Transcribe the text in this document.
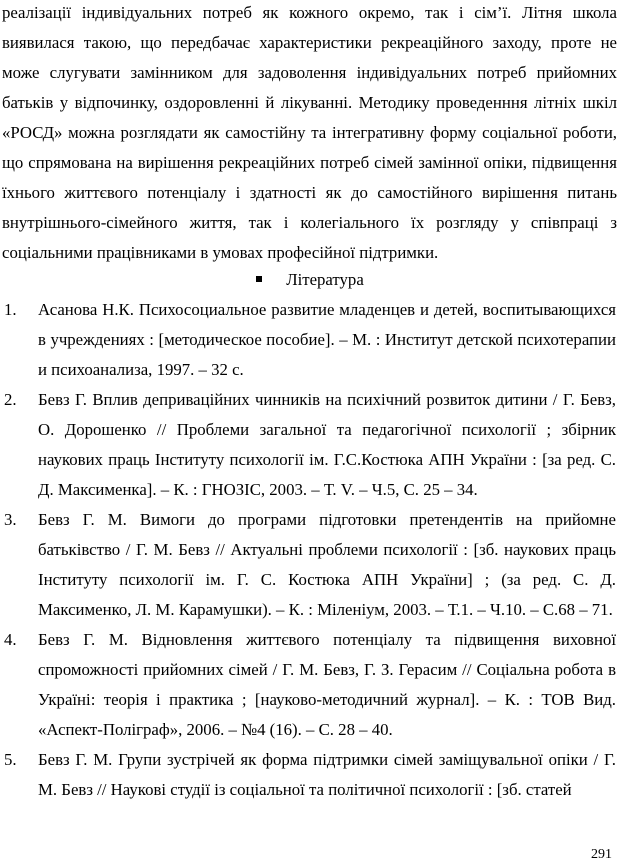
реалізації індивідуальних потреб як кожного окремо, так і сім’ї. Літня школа виявилася такою, що передбачає характеристики рекреаційного заходу, проте не може слугувати замінником для задоволення індивідуальних потреб прийомних батьків у відпочинку, оздоровленні й лікуванні. Методику проведенння літніх шкіл «РОСД» можна розглядати як самостійну та інтегративну форму соціальної роботи, що спрямована на вирішення рекреаційних потреб сімей замінної опіки, підвищення їхнього життєвого потенціалу і здатності як до самостійного вирішення питань внутрішнього-сімейного життя, так і колегіального їх розгляду у співпраці з соціальними працівниками в умовах професійної підтримки.

Література
1. Асанова Н.К. Психосоциальное развитие младенцев и детей, воспитывающихся в учреждениях : [методическое пособие]. – М. : Институт детской психотерапии и психоанализа, 1997. – 32 с.
2. Бевз Г. Вплив деприваційних чинників на психічний розвиток дитини / Г. Бевз, О. Дорошенко // Проблеми загальної та педагогічної психології ; збірник наукових праць Інституту психології ім. Г.С.Костюка АПН України : [за ред. С. Д. Максименка]. – К. : ГНОЗІС, 2003. – Т. V. – Ч.5, С. 25 – 34.
3. Бевз Г. М. Вимоги до програми підготовки претендентів на прийомне батьківство / Г. М. Бевз // Актуальні проблеми психології : [зб. наукових праць Інституту психології ім. Г. С. Костюка АПН України] ; (за ред. С. Д. Максименко, Л. М. Карамушки). – К. : Міленіум, 2003. – Т.1. – Ч.10. – С.68 – 71.
4. Бевз Г. М. Відновлення життєвого потенціалу та підвищення виховної спроможності прийомних сімей / Г. М. Бевз, Г. З. Герасим // Соціальна робота в Україні: теорія і практика ; [науково-методичний журнал]. – К. : ТОВ Вид. «Аспект-Поліграф», 2006. – №4 (16). – С. 28 – 40.
5. Бевз Г. М. Групи зустрічей як форма підтримки сімей заміщувальної опіки / Г. М. Бевз // Наукові студії із соціальної та політичної психології : [зб. статей
291
